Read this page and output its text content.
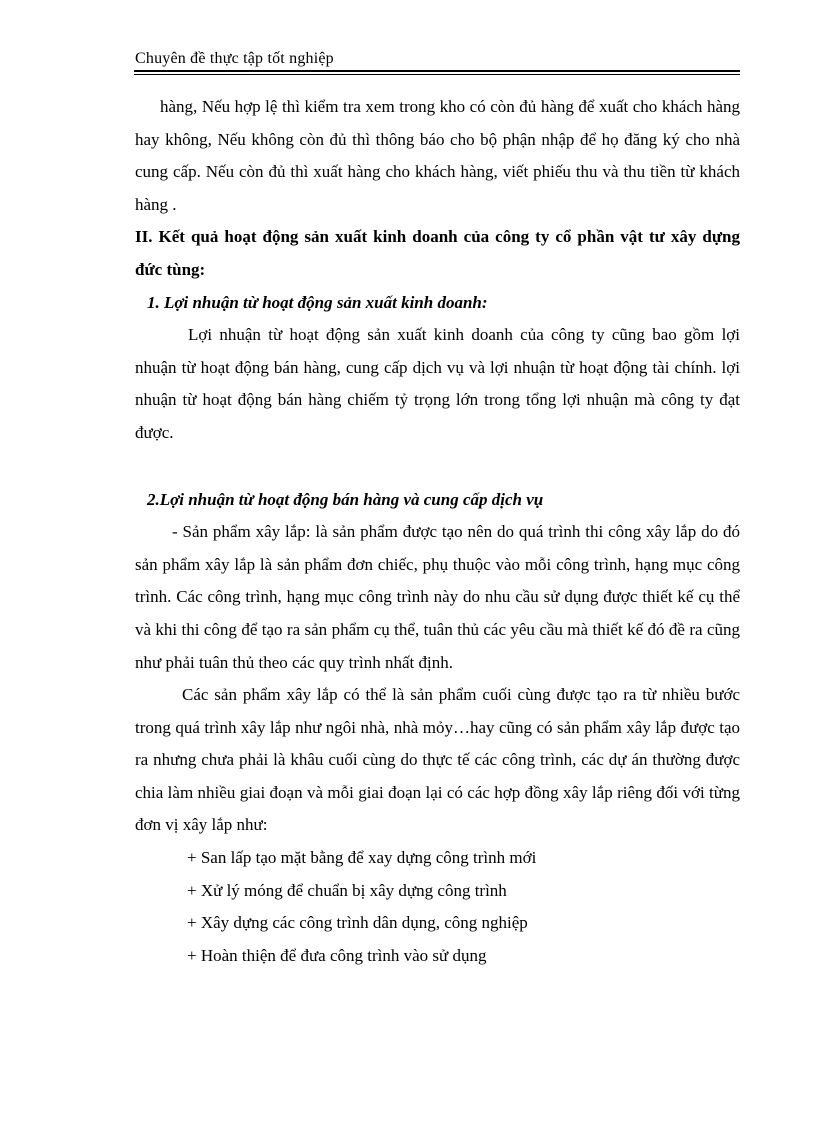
Chuyên đề thực tập tốt nghiệp

hàng, Nếu hợp lệ thì kiểm tra xem trong kho có còn đủ hàng để xuất cho khách hàng hay không, Nếu không còn đủ thì thông báo cho bộ phận nhập để họ đăng ký cho nhà cung cấp. Nếu còn đủ thì xuất hàng cho khách hàng, viết phiếu thu và thu tiền từ khách hàng .

II. Kết quả hoạt động sản xuất kinh doanh của công ty cổ phần vật tư xây dựng đức tùng:

1. Lợi nhuận từ hoạt động sản xuất kinh doanh:

Lợi nhuận từ hoạt động sản xuất kinh doanh của công ty cũng bao gồm lợi nhuận từ hoạt động bán hàng, cung cấp dịch vụ và lợi nhuận từ hoạt động tài chính. lợi nhuận từ hoạt động bán hàng chiếm tỷ trọng lớn trong tổng lợi nhuận mà công ty đạt được.

2.Lợi nhuận từ hoạt động bán hàng và cung cấp dịch vụ

- Sản phẩm xây lắp: là sản phẩm được tạo nên do quá trình thi công xây lắp do đó sản phẩm xây lắp là sản phẩm đơn chiếc, phụ thuộc vào mỗi công trình, hạng mục công trình. Các công trình, hạng mục công trình này do nhu cầu sử dụng được thiết kế cụ thể và khi thi công để tạo ra sản phẩm cụ thể, tuân thủ các yêu cầu mà thiết kế đó đề ra cũng như phải tuân thủ theo các quy trình nhất định.

Các sản phẩm xây lắp có thể là sản phẩm cuối cùng được tạo ra từ nhiều bước trong quá trình xây lắp như ngôi nhà, nhà mỏy…hay cũng có sản phẩm xây lắp được tạo ra nhưng chưa phải là khâu cuối cùng do thực tế các công trình, các dự án thường được chia làm nhiều giai đoạn và mỗi giai đoạn lại có các hợp đồng xây lắp riêng đối với từng đơn vị xây lắp như:

+ San lấp tạo mặt bằng để xay dựng công trình mới

+ Xử lý móng để chuẩn bị xây dựng công trình

+ Xây dựng các công trình dân dụng, công nghiệp

+ Hoàn thiện để đưa công trình vào sử dụng
